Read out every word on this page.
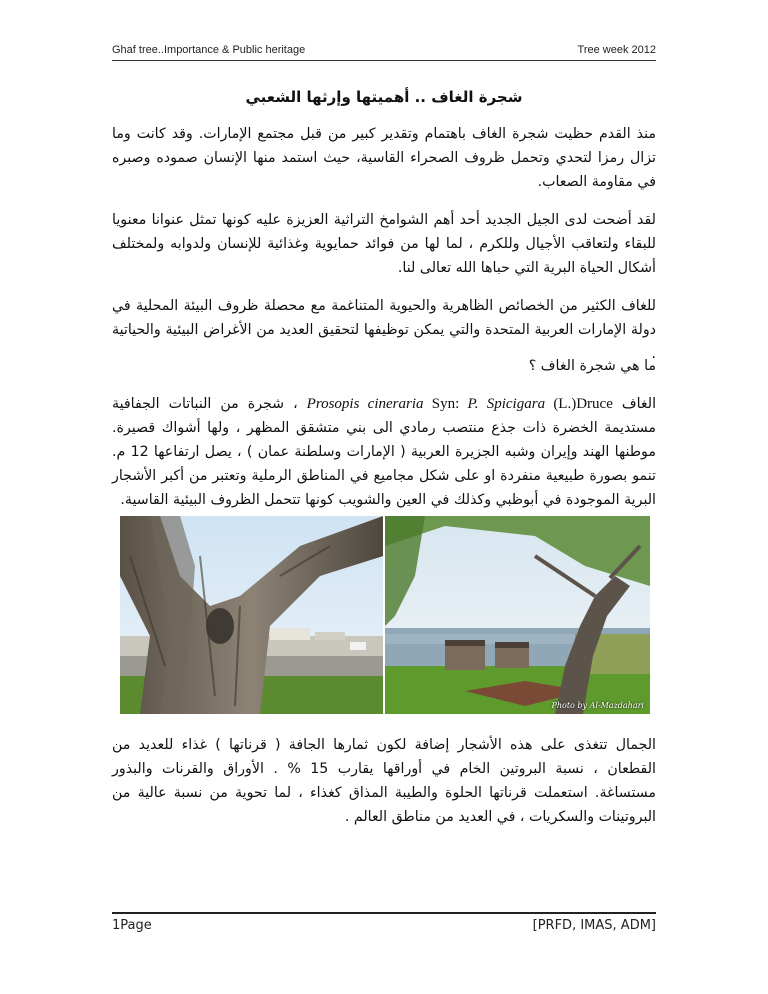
Ghaf tree..Importance & Public heritage	Tree week 2012
شجرة الغاف .. أهميتها وإرثها الشعبي
منذ القدم حظيت شجرة الغاف باهتمام وتقدير كبير من قبل مجتمع الإمارات. وقد كانت وما تزال رمزا لتحدي وتحمل ظروف الصحراء القاسية، حيث استمد منها الإنسان صموده وصبره في مقاومة الصعاب.
لقد أضحت لدى الجيل الجديد أحد أهم الشوامخ التراثية العزيزة عليه كونها تمثل عنوانا معنويا للبقاء ولتعاقب الأجيال وللكرم ، لما لها من فوائد حمايوية وغذائية للإنسان ولدوابه ولمختلف أشكال الحياة البرية التي حباها الله تعالى لنا.
للغاف الكثير من الخصائص الظاهرية والحيوية المتناغمة مع محصلة ظروف البيئة المحلية في دولة الإمارات العربية المتحدة والتي يمكن توظيفها لتحقيق العديد من الأغراض البيئية والحياتية .
ما هي شجرة الغاف ؟
الغاف Prosopis cineraria Syn: P. Spicigara (L.)Druce ، شجرة من النباتات الجفافية مستديمة الخضرة ذات جذع منتصب رمادي الى بني متشقق المظهر ، ولها أشواك قصيرة. موطنها الهند وإيران وشبه الجزيرة العربية ( الإمارات وسلطنة عمان ) ، يصل ارتفاعها 12 م. تنمو بصورة طبيعية منفردة او على شكل مجاميع في المناطق الرملية وتعتبر من أكبر الأشجار البرية الموجودة في أبوظبي وكذلك في العين والشويب كونها تتحمل الظروف البيئية القاسية.
Photo by Al-Mazdahari
الجمال تتغذى على هذه الأشجار إضافة لكون ثمارها الجافة ( قرناتها ) غذاء للعديد من القطعان ، نسبة البروتين الخام في أوراقها يقارب 15 % . الأوراق والقرنات والبذور مستساغة. استعملت قرناتها الحلوة والطيبة المذاق كغذاء ، لما تحوية من نسبة عالية من البروتينات والسكريات ، في العديد من مناطق العالم .
1Page	[PRFD, IMAS, ADM]
